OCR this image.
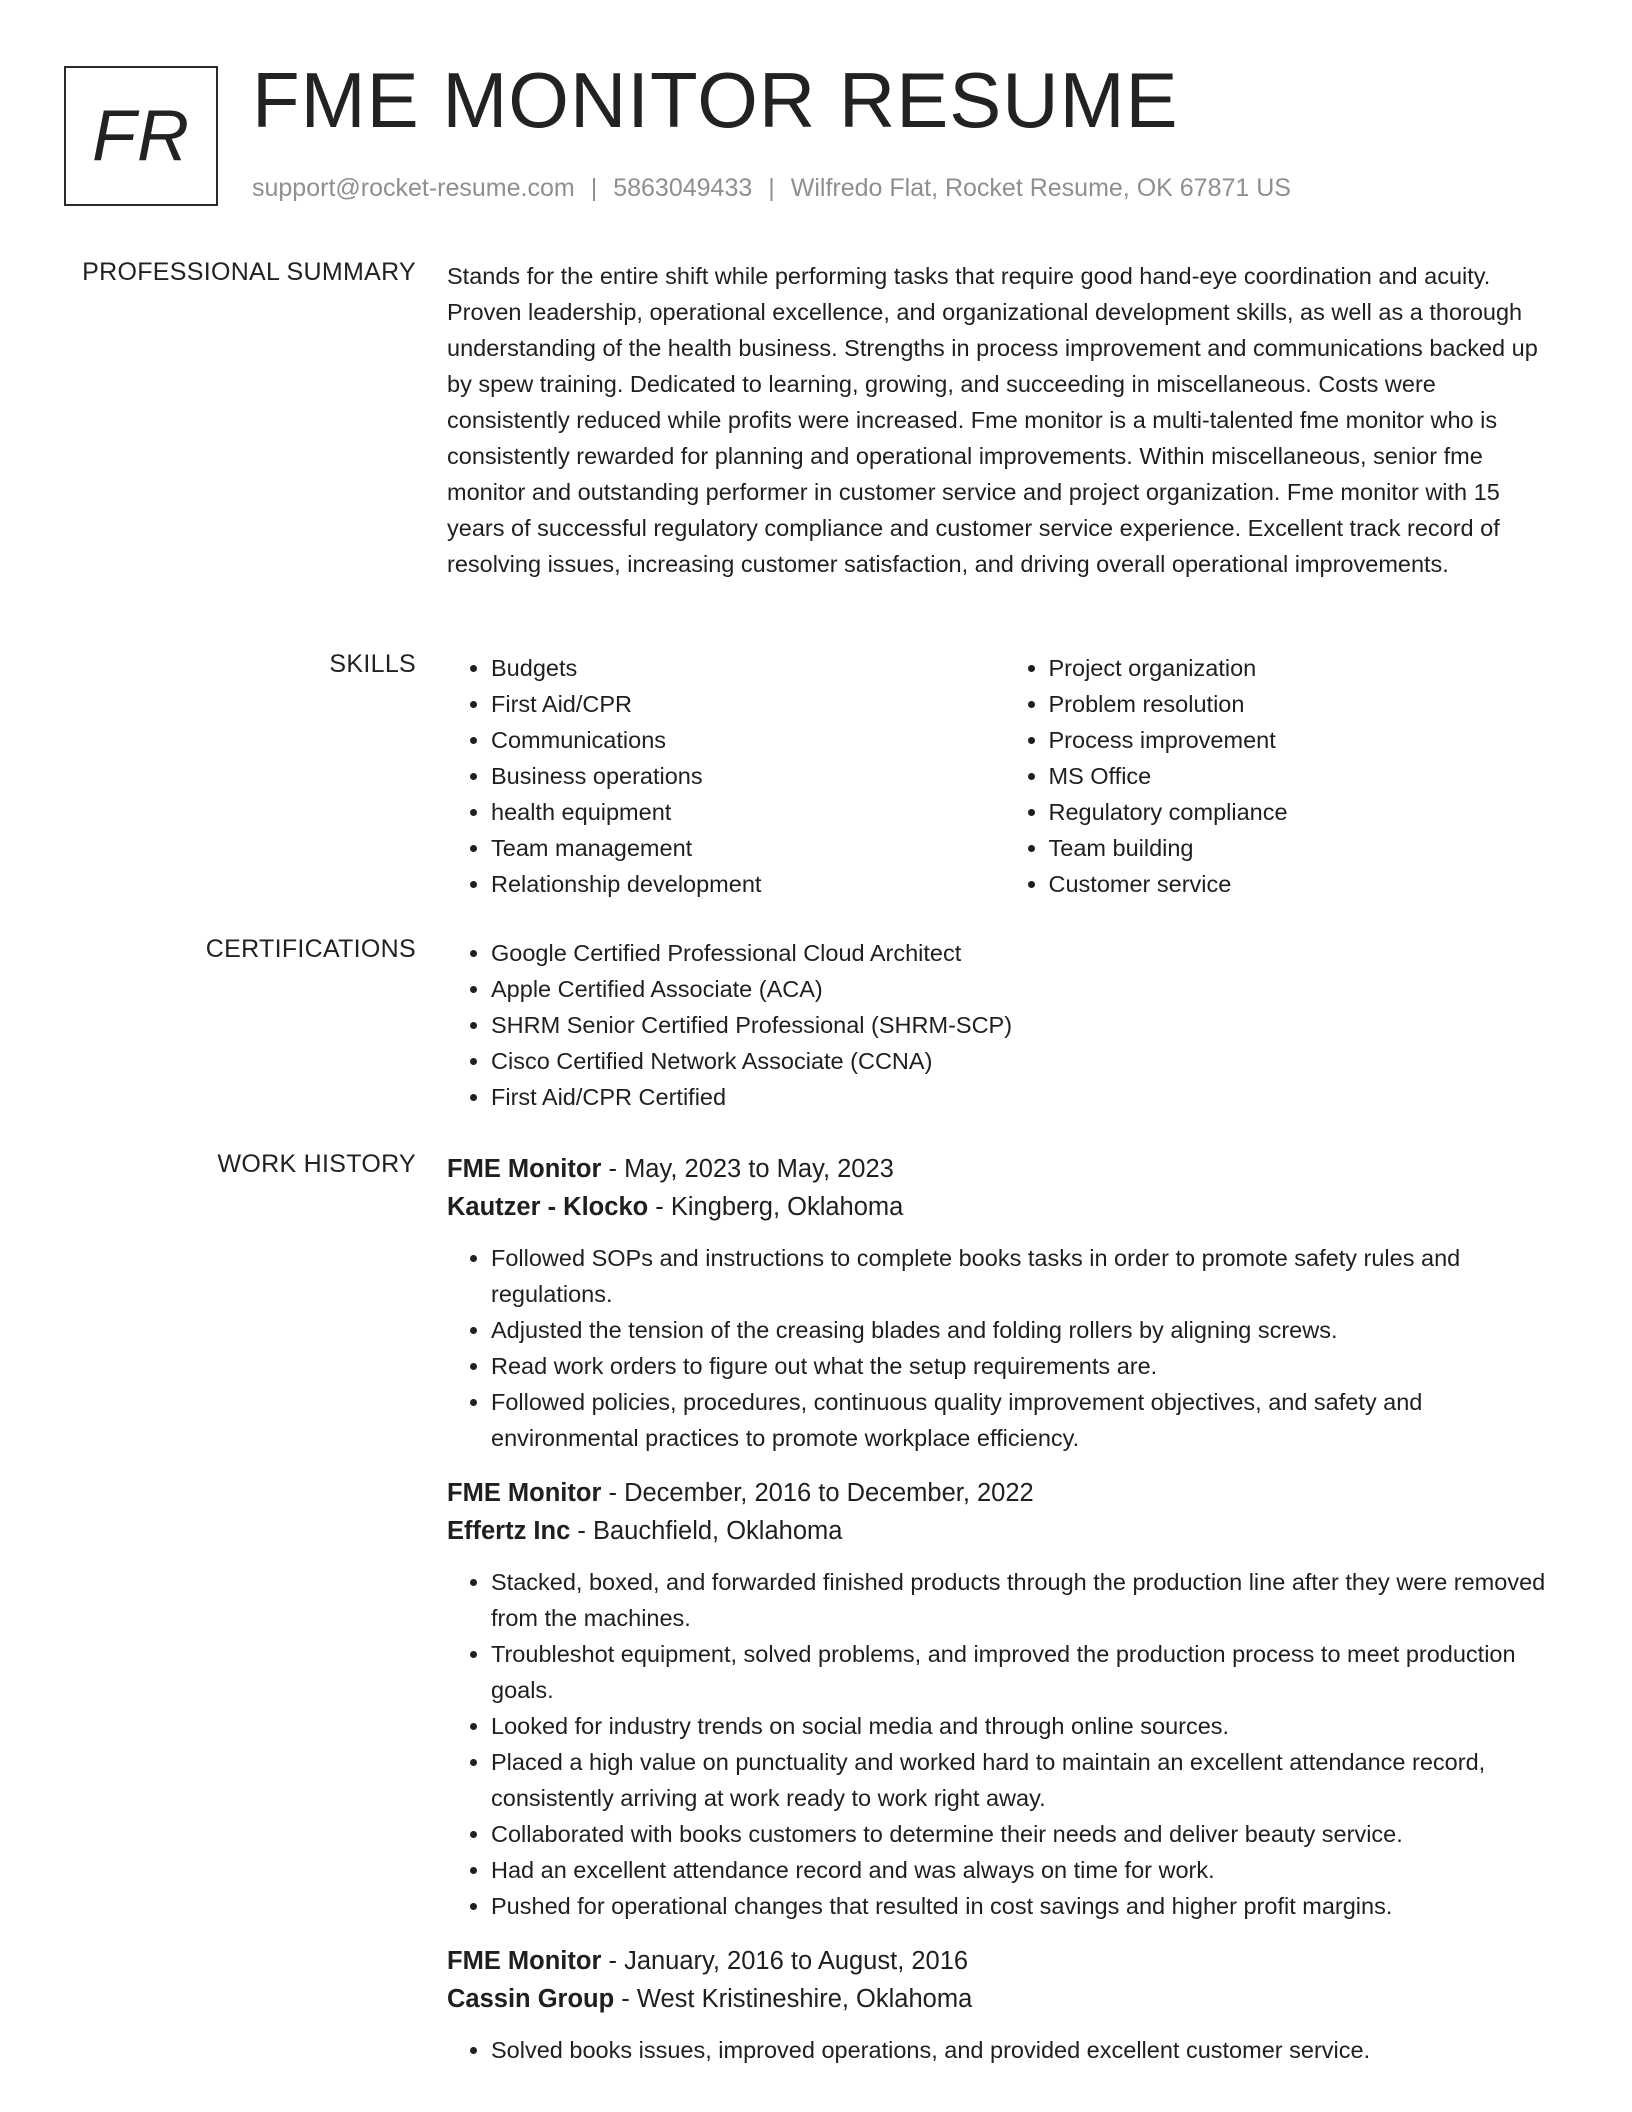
FR FME MONITOR RESUME
support@rocket-resume.com | 5863049433 | Wilfredo Flat, Rocket Resume, OK 67871 US
PROFESSIONAL SUMMARY Stands for the entire shift while performing tasks that require good hand-eye coordination and acuity. Proven leadership, operational excellence, and organizational development skills, as well as a thorough understanding of the health business. Strengths in process improvement and communications backed up by spew training. Dedicated to learning, growing, and succeeding in miscellaneous. Costs were consistently reduced while profits were increased. Fme monitor is a multi-talented fme monitor who is consistently rewarded for planning and operational improvements. Within miscellaneous, senior fme monitor and outstanding performer in customer service and project organization. Fme monitor with 15 years of successful regulatory compliance and customer service experience. Excellent track record of resolving issues, increasing customer satisfaction, and driving overall operational improvements.

SKILLS	• Budgets
• First Aid/CPR
• Communications
• Business operations
• health equipment
• Team management
• Relationship development
• Project organization
• Problem resolution
• Process improvement
• MS Office
• Regulatory compliance
• Team building
• Customer service
CERTIFICATIONS	• Google Certified Professional Cloud Architect
• Apple Certified Associate (ACA)
• SHRM Senior Certified Professional (SHRM-SCP)
• Cisco Certified Network Associate (CCNA)
• First Aid/CPR Certified
WORK HISTORY FME Monitor - May, 2023 to May, 2023
Kautzer - Klocko - Kingberg, Oklahoma
• Followed SOPs and instructions to complete books tasks in order to promote safety rules and regulations.
• Adjusted the tension of the creasing blades and folding rollers by aligning screws.
• Read work orders to figure out what the setup requirements are.
• Followed policies, procedures, continuous quality improvement objectives, and safety and environmental practices to promote workplace efficiency.
FME Monitor - December, 2016 to December, 2022
Effertz Inc - Bauchfield, Oklahoma
• Stacked, boxed, and forwarded finished products through the production line after they were removed from the machines.
• Troubleshot equipment, solved problems, and improved the production process to meet production goals.
• Looked for industry trends on social media and through online sources.
• Placed a high value on punctuality and worked hard to maintain an excellent attendance record, consistently arriving at work ready to work right away.
• Collaborated with books customers to determine their needs and deliver beauty service.
• Had an excellent attendance record and was always on time for work.
• Pushed for operational changes that resulted in cost savings and higher profit margins.
FME Monitor - January, 2016 to August, 2016
Cassin Group - West Kristineshire, Oklahoma
• Solved books issues, improved operations, and provided excellent customer service.
